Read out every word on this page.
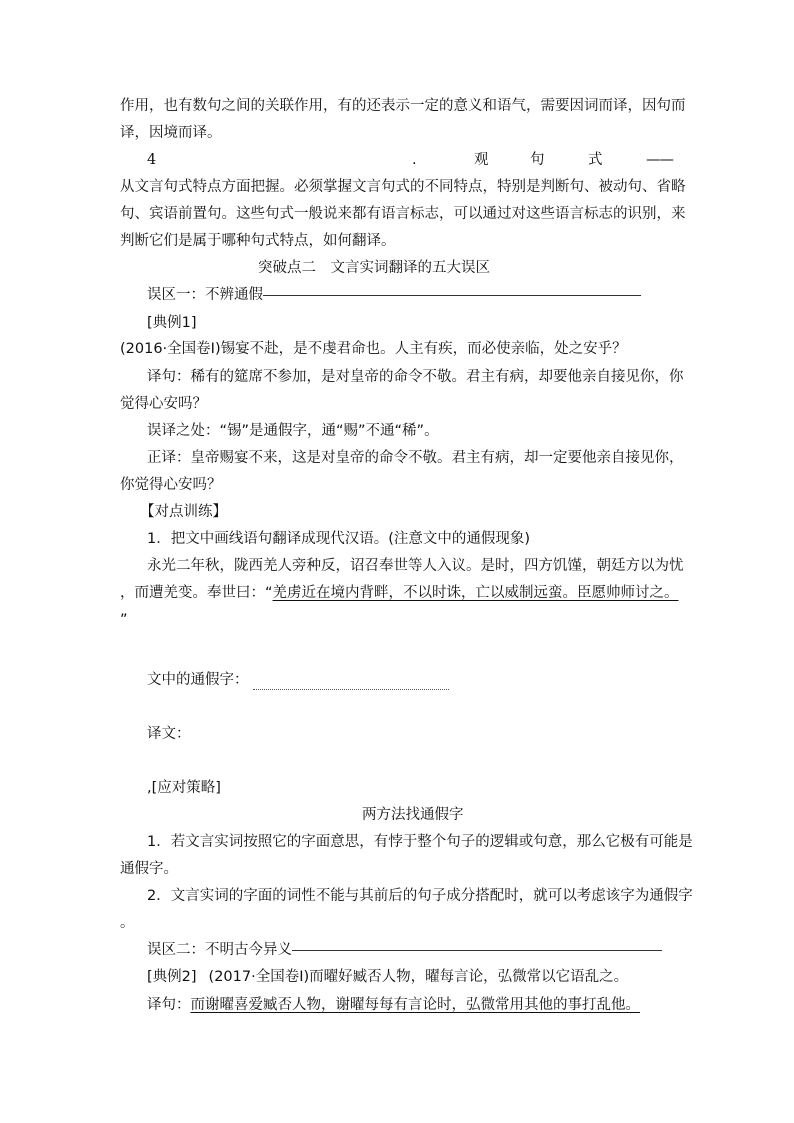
作用，也有数句之间的关联作用，有的还表示一定的意义和语气，需要因词而译，因句而
译，因境而译。
4	.	观	句	式	——
从文言句式特点方面把握。必须掌握文言句式的不同特点，特别是判断句、被动句、省略
句、宾语前置句。这些句式一般说来都有语言标志，可以通过对这些语言标志的识别，来
判断它们是属于哪种句式特点，如何翻译。
突破点二　文言实词翻译的五大误区
误区一：不辨通假
[典例1]
(2016·全国卷Ⅰ)锡宴不赴，是不虔君命也。人主有疾，而必使亲临，处之安乎？
译句：稀有的筵席不参加，是对皇帝的命令不敬。君主有病，却要他亲自接见你，你
觉得心安吗？
误译之处：“锡”是通假字，通“赐”不通“稀”。
正译：皇帝赐宴不来，这是对皇帝的命令不敬。君主有病，却一定要他亲自接见你，
你觉得心安吗？
【对点训练】
1．把文中画线语句翻译成现代汉语。(注意文中的通假现象)
永光二年秋，陇西羌人旁种反，诏召奉世等人入议。是时，四方饥馑，朝廷方以为忧
，而遭羌变。奉世曰：“羌虏近在境内背畔，不以时诛，亡以威制远蛮。臣愿帅师讨之。
”
文中的通假字：
译文：
,[应对策略]
两方法找通假字
1．若文言实词按照它的字面意思，有悖于整个句子的逻辑或句意，那么它极有可能是
通假字。
2．文言实词的字面的词性不能与其前后的句子成分搭配时，就可以考虑该字为通假字
。
误区二：不明古今异义
[典例2] (2017·全国卷Ⅰ)而曜好臧否人物，曜每言论，弘微常以它语乱之。
译句：而谢曜喜爱臧否人物，谢曜每每有言论时，弘微常用其他的事打乱他。
